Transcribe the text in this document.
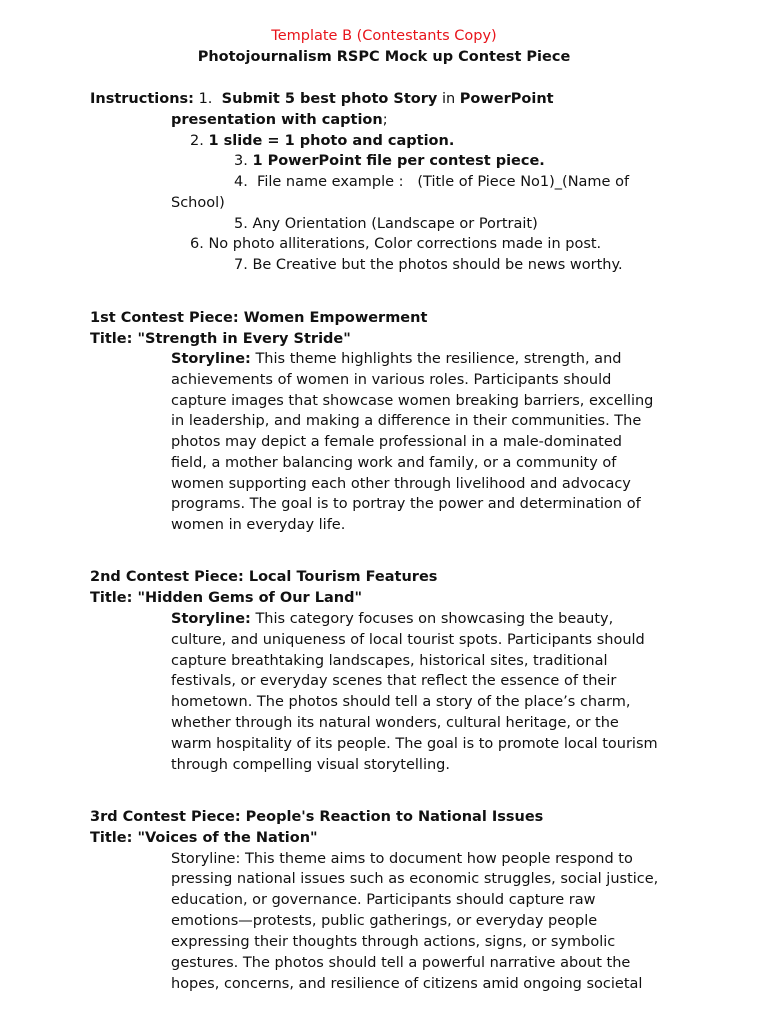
Template B (Contestants Copy)
Photojournalism RSPC Mock up Contest Piece
Instructions: 1. Submit 5 best photo Story in PowerPoint
presentation with caption;
2. 1 slide = 1 photo and caption.
3. 1 PowerPoint file per contest piece.
4.  File name example :   (Title of Piece No1)_(Name of
School)
5. Any Orientation (Landscape or Portrait)
6. No photo alliterations, Color corrections made in post.
7. Be Creative but the photos should be news worthy.
1st Contest Piece: Women Empowerment
Title: "Strength in Every Stride"
Storyline: This theme highlights the resilience, strength, and
achievements of women in various roles. Participants should
capture images that showcase women breaking barriers, excelling
in leadership, and making a difference in their communities. The
photos may depict a female professional in a male-dominated
field, a mother balancing work and family, or a community of
women supporting each other through livelihood and advocacy
programs. The goal is to portray the power and determination of
women in everyday life.
2nd Contest Piece: Local Tourism Features
Title: "Hidden Gems of Our Land"
Storyline: This category focuses on showcasing the beauty,
culture, and uniqueness of local tourist spots. Participants should
capture breathtaking landscapes, historical sites, traditional
festivals, or everyday scenes that reflect the essence of their
hometown. The photos should tell a story of the place’s charm,
whether through its natural wonders, cultural heritage, or the
warm hospitality of its people. The goal is to promote local tourism
through compelling visual storytelling.
3rd Contest Piece: People's Reaction to National Issues
Title: "Voices of the Nation"
Storyline: This theme aims to document how people respond to
pressing national issues such as economic struggles, social justice,
education, or governance. Participants should capture raw
emotions—protests, public gatherings, or everyday people
expressing their thoughts through actions, signs, or symbolic
gestures. The photos should tell a powerful narrative about the
hopes, concerns, and resilience of citizens amid ongoing societal
